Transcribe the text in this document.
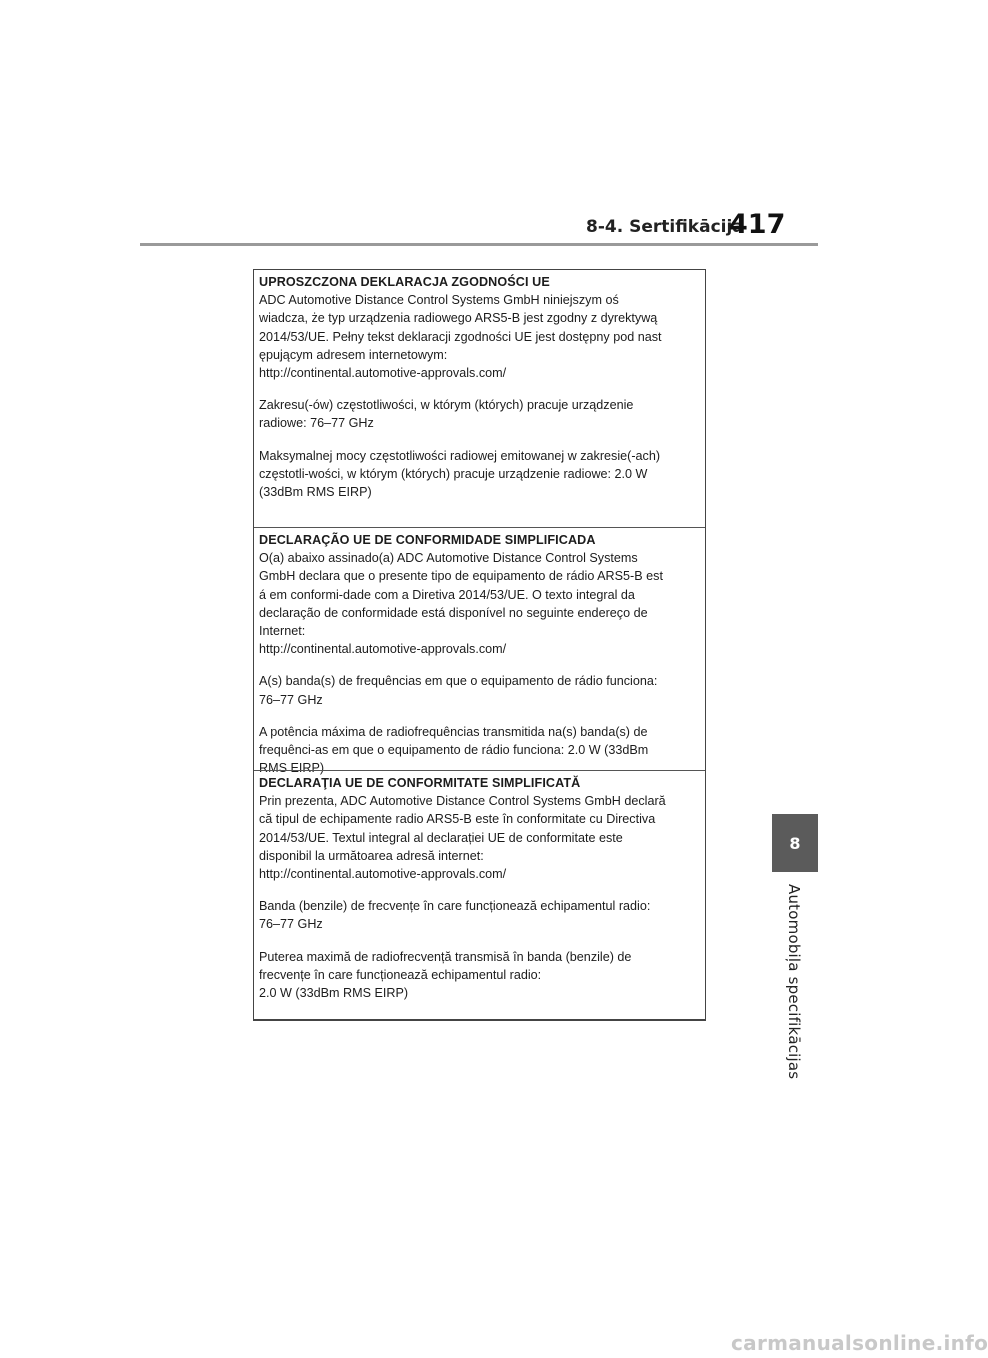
8-4. Sertifikācija
417
8
Automobiļa specifikācijas
UPROSZCZONA DEKLARACJA ZGODNOŚCI UE
ADC Automotive Distance Control Systems GmbH niniejszym oś
wiadcza, że typ urządzenia radiowego ARS5-B jest zgodny z dyrektywą
2014/53/UE. Pełny tekst deklaracji zgodności UE jest dostępny pod nast
ępującym adresem internetowym:
http://continental.automotive-approvals.com/
Zakresu(-ów) częstotliwości, w którym (których) pracuje urządzenie
radiowe: 76–77 GHz
Maksymalnej mocy częstotliwości radiowej emitowanej w zakresie(-ach)
częstotli-wości, w którym (których) pracuje urządzenie radiowe: 2.0 W
(33dBm RMS EIRP)
DECLARAÇÃO UE DE CONFORMIDADE SIMPLIFICADA
O(a) abaixo assinado(a) ADC Automotive Distance Control Systems
GmbH declara que o presente tipo de equipamento de rádio ARS5-B est
á em conformi-dade com a Diretiva 2014/53/UE. O texto integral da
declaração de conformidade está disponível no seguinte endereço de
Internet:
http://continental.automotive-approvals.com/
A(s) banda(s) de frequências em que o equipamento de rádio funciona:
76–77 GHz
A potência máxima de radiofrequências transmitida na(s) banda(s) de
frequênci-as em que o equipamento de rádio funciona: 2.0 W (33dBm
RMS EIRP)
DECLARAŢIA UE DE CONFORMITATE SIMPLIFICATĂ
Prin prezenta, ADC Automotive Distance Control Systems GmbH declară
că tipul de echipamente radio ARS5-B este în conformitate cu Directiva
2014/53/UE. Textul integral al declarației UE de conformitate este
disponibil la următoarea adresă internet:
http://continental.automotive-approvals.com/
Banda (benzile) de frecvențe în care funcționează echipamentul radio:
76–77 GHz
Puterea maximă de radiofrecvență transmisă în banda (benzile) de
frecvențe în care funcționează echipamentul radio:
2.0 W (33dBm RMS EIRP)
carmanualsonline.info
